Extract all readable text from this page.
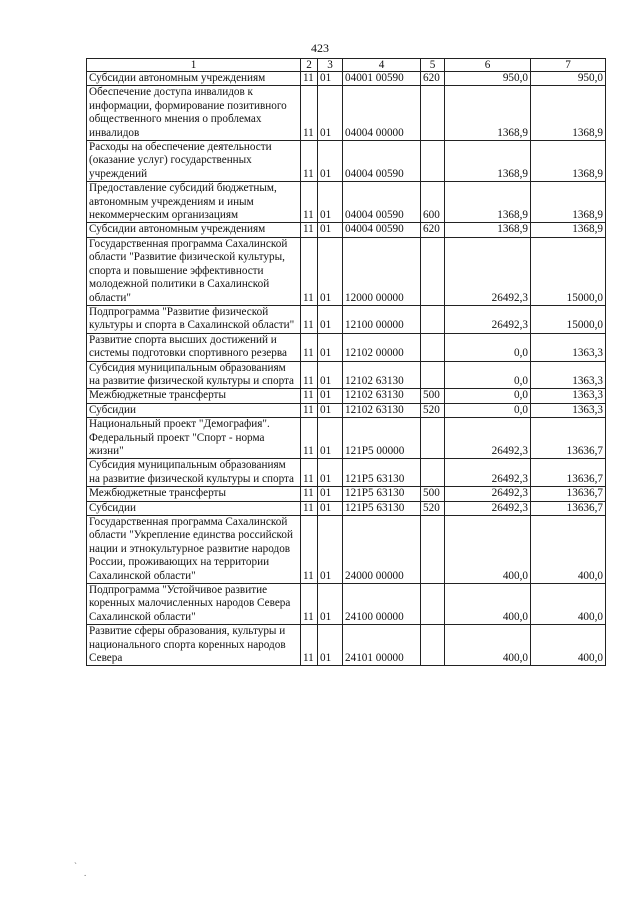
423
1	2	3	4	5	6	7
Субсидии автономным учреждениям	11	01	04001 00590	620	950,0	950,0
Обеспечение доступа инвалидов к информации, формирование позитивного общественного мнения о проблемах инвалидов	11	01	04004 00000		1368,9	1368,9
Расходы на обеспечение деятельности (оказание услуг) государственных учреждений	11	01	04004 00590		1368,9	1368,9
Предоставление субсидий бюджетным, автономным учреждениям и иным некоммерческим организациям	11	01	04004 00590	600	1368,9	1368,9
Субсидии автономным учреждениям	11	01	04004 00590	620	1368,9	1368,9
Государственная программа Сахалинской области "Развитие физической культуры, спорта и повышение эффективности молодежной политики в Сахалинской области"	11	01	12000 00000		26492,3	15000,0
Подпрограмма "Развитие физической культуры и спорта в Сахалинской области"	11	01	12100 00000		26492,3	15000,0
Развитие спорта высших достижений и системы подготовки спортивного резерва	11	01	12102 00000		0,0	1363,3
Субсидия муниципальным образованиям на развитие физической культуры и спорта	11	01	12102 63130		0,0	1363,3
Межбюджетные трансферты	11	01	12102 63130	500	0,0	1363,3
Субсидии	11	01	12102 63130	520	0,0	1363,3
Национальный проект "Демография". Федеральный проект "Спорт - норма жизни"	11	01	121P5 00000		26492,3	13636,7
Субсидия муниципальным образованиям на развитие физической культуры и спорта	11	01	121P5 63130		26492,3	13636,7
Межбюджетные трансферты	11	01	121P5 63130	500	26492,3	13636,7
Субсидии	11	01	121P5 63130	520	26492,3	13636,7
Государственная программа Сахалинской области "Укрепление единства российской нации и этнокультурное развитие народов России, проживающих на территории Сахалинской области"	11	01	24000 00000		400,0	400,0
Подпрограмма "Устойчивое развитие коренных малочисленных народов Севера Сахалинской области"	11	01	24100 00000		400,0	400,0
Развитие сферы образования, культуры и национального спорта коренных народов Севера	11	01	24101 00000		400,0	400,0
`
.
